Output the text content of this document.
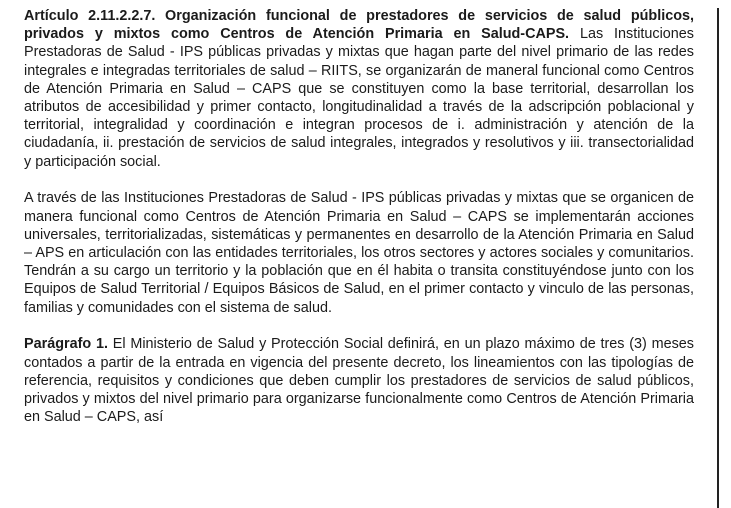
Artículo 2.11.2.2.7. Organización funcional de prestadores de servicios de salud públicos, privados y mixtos como Centros de Atención Primaria en Salud-CAPS. Las Instituciones Prestadoras de Salud - IPS públicas privadas y mixtas que hagan parte del nivel primario de las redes integrales e integradas territoriales de salud – RIITS, se organizarán de maneral funcional como Centros de Atención Primaria en Salud – CAPS que se constituyen como la base territorial, desarrollan los atributos de accesibilidad y primer contacto, longitudinalidad a través de la adscripción poblacional y territorial, integralidad y coordinación e integran procesos de i. administración y atención de la ciudadanía, ii. prestación de servicios de salud integrales, integrados y resolutivos y iii. transectorialidad y participación social.

A través de las Instituciones Prestadoras de Salud - IPS públicas privadas y mixtas que se organicen de manera funcional como Centros de Atención Primaria en Salud – CAPS se implementarán acciones universales, territorializadas, sistemáticas y permanentes en desarrollo de la Atención Primaria en Salud – APS en articulación con las entidades territoriales, los otros sectores y actores sociales y comunitarios. Tendrán a su cargo un territorio y la población que en él habita o transita constituyéndose junto con los Equipos de Salud Territorial / Equipos Básicos de Salud, en el primer contacto y vinculo de las personas, familias y comunidades con el sistema de salud.

Parágrafo 1. El Ministerio de Salud y Protección Social definirá, en un plazo máximo de tres (3) meses contados a partir de la entrada en vigencia del presente decreto, los lineamientos con las tipologías de referencia, requisitos y condiciones que deben cumplir los prestadores de servicios de salud públicos, privados y mixtos del nivel primario para organizarse funcionalmente como Centros de Atención Primaria en Salud – CAPS, así
